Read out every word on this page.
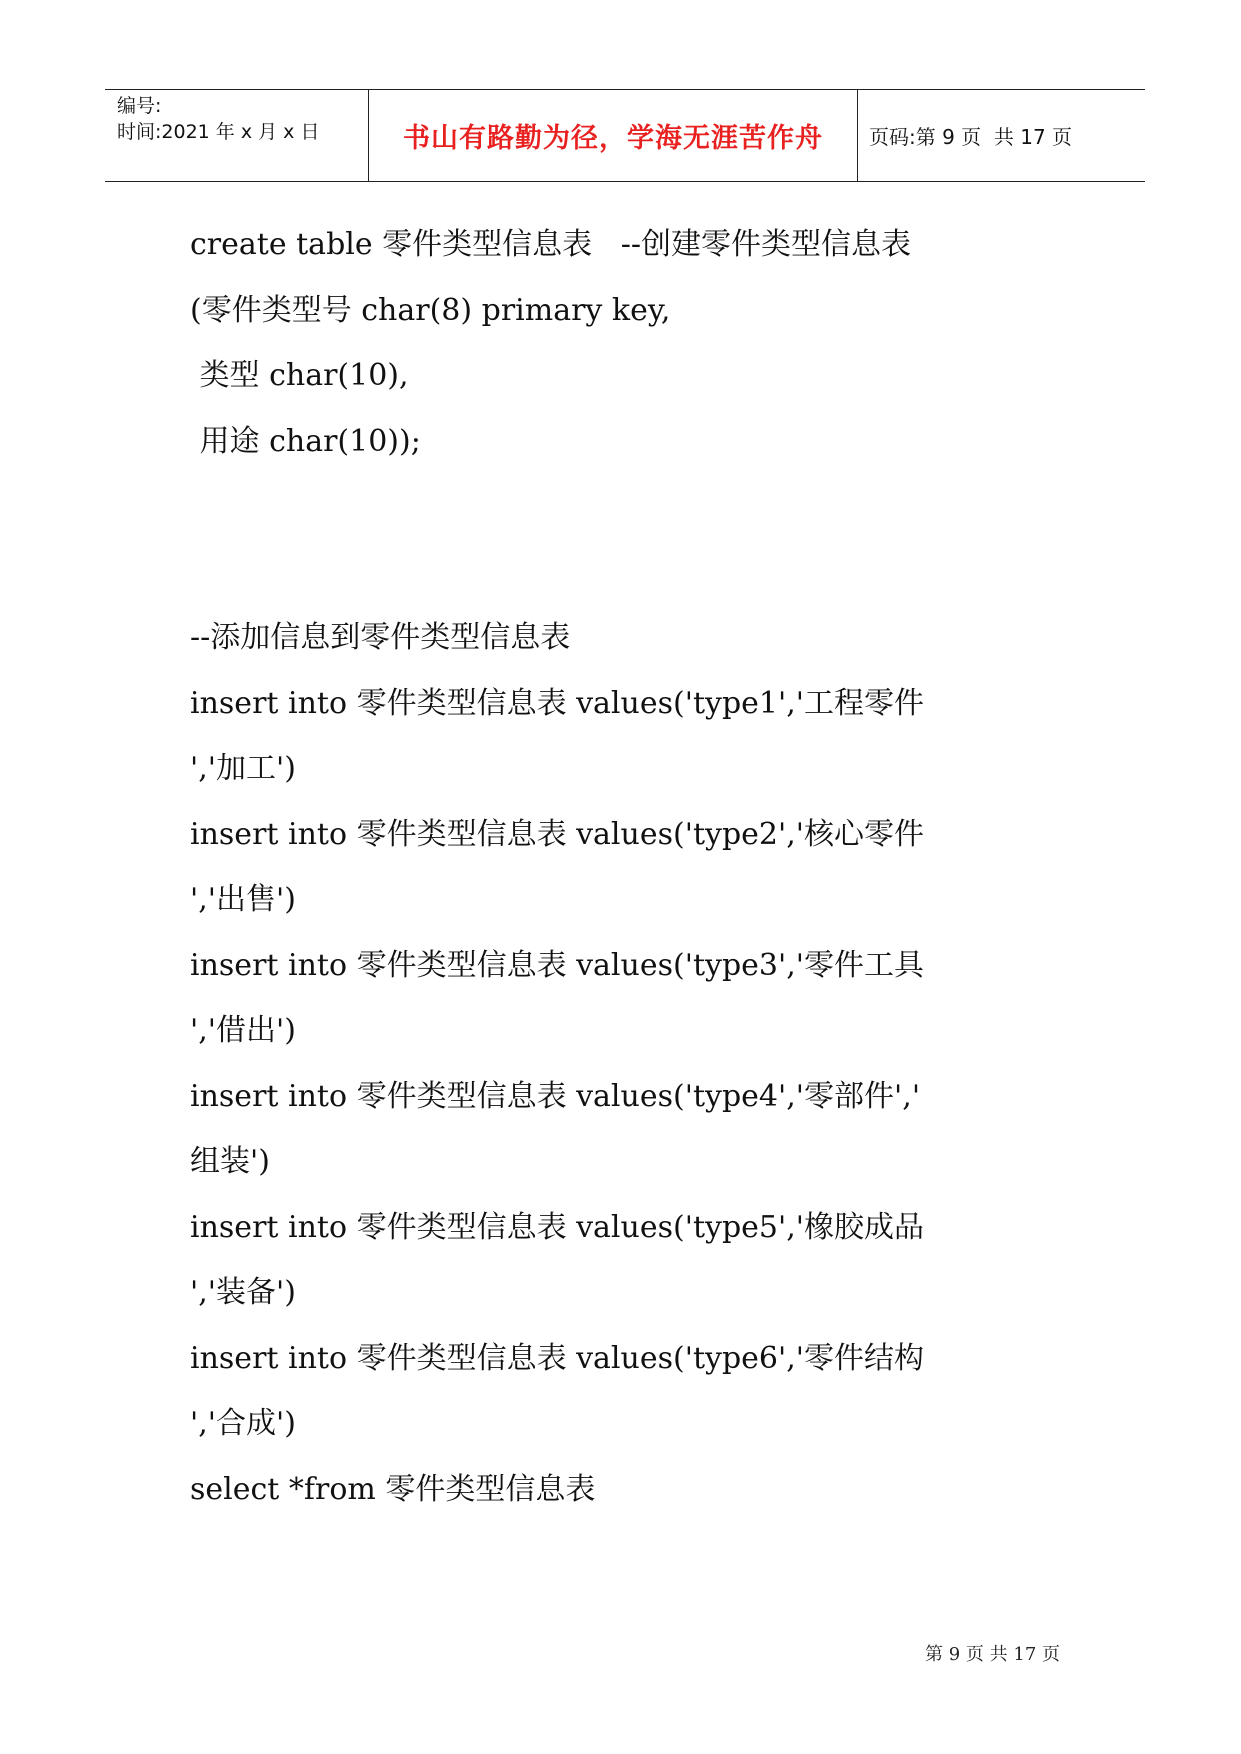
编号:
时间:2021 年 x 月 x 日	书山有路勤为径，学海无涯苦作舟 页码:第 9 页  共 17 页
create table 零件类型信息表   --创建零件类型信息表
(零件类型号 char(8) primary key,
类型 char(10),
用途 char(10));
--添加信息到零件类型信息表
insert into 零件类型信息表 values('type1','工程零件
','加工')
insert into 零件类型信息表 values('type2','核心零件
','出售')
insert into 零件类型信息表 values('type3','零件工具
','借出')
insert into 零件类型信息表 values('type4','零部件','
组装')
insert into 零件类型信息表 values('type5','橡胶成品
','装备')
insert into 零件类型信息表 values('type6','零件结构
','合成')
select *from 零件类型信息表
第 9 页 共 17 页
